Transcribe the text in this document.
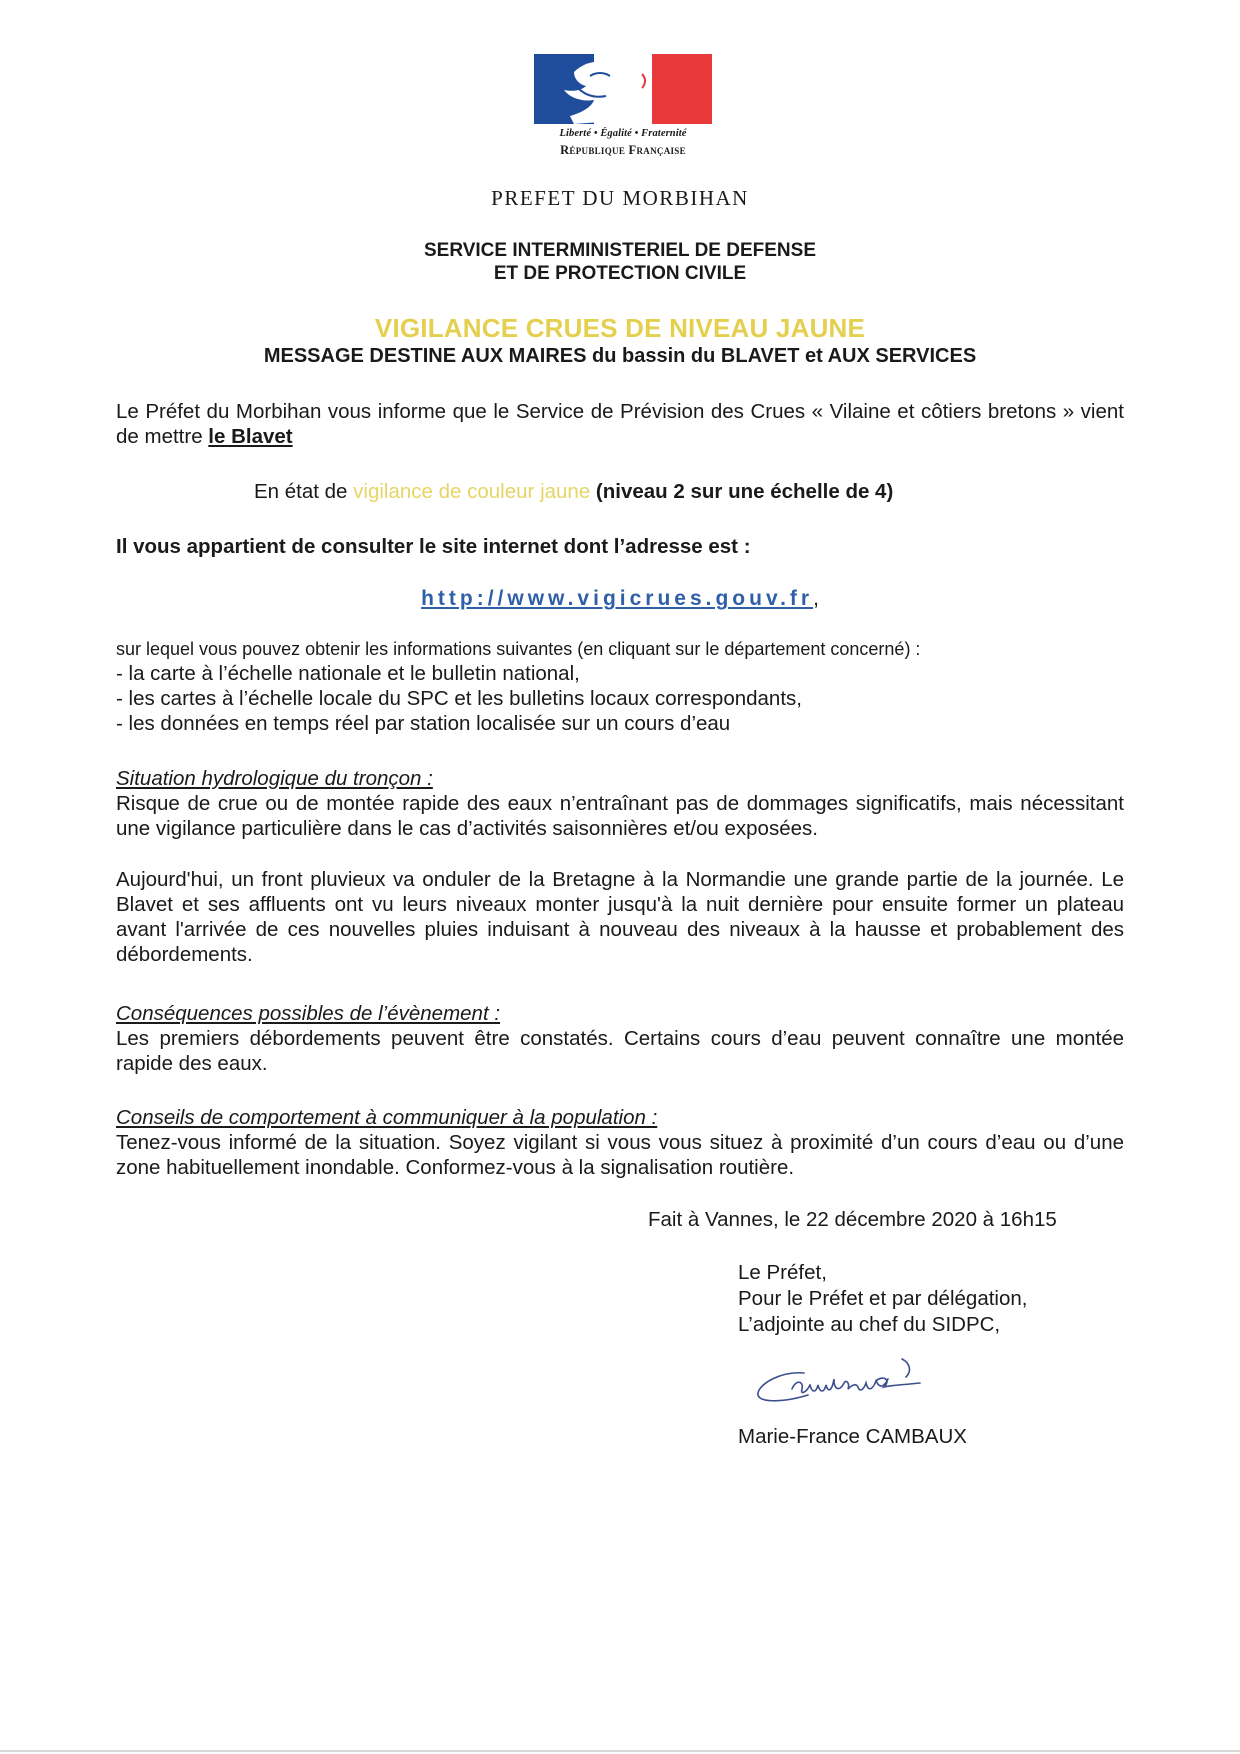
Liberté • Égalité • Fraternité
République Française
PREFET DU MORBIHAN
SERVICE INTERMINISTERIEL DE DEFENSE
ET DE PROTECTION CIVILE
VIGILANCE CRUES DE NIVEAU JAUNE
MESSAGE DESTINE AUX MAIRES du bassin du BLAVET et AUX SERVICES
Le Préfet du Morbihan vous informe que le Service de Prévision des Crues « Vilaine et côtiers bretons » vient de mettre le Blavet
En état de vigilance de couleur jaune (niveau 2 sur une échelle de 4)
Il vous appartient de consulter le site internet dont l’adresse est :
http://www.vigicrues.gouv.fr,
sur lequel vous pouvez obtenir les informations suivantes (en cliquant sur le département concerné) :
- la carte à l’échelle nationale et le bulletin national,
- les cartes à l’échelle locale du SPC et les bulletins locaux correspondants,
- les données en temps réel par station localisée sur un cours d’eau
Situation hydrologique du tronçon :
Risque de crue ou de montée rapide des eaux n’entraînant pas de dommages significatifs, mais nécessitant une vigilance particulière dans le cas d’activités saisonnières et/ou exposées.
Aujourd'hui, un front pluvieux va onduler de la Bretagne à la Normandie une grande partie de la journée. Le Blavet et ses affluents ont vu leurs niveaux monter jusqu'à la nuit dernière pour ensuite former un plateau avant l'arrivée de ces nouvelles pluies induisant à nouveau des niveaux à la hausse et probablement des débordements.
Conséquences possibles de l’évènement :
Les premiers débordements peuvent être constatés. Certains cours d’eau peuvent connaître une montée rapide des eaux.
Conseils de comportement à communiquer à la population :
Tenez-vous informé de la situation. Soyez vigilant si vous vous situez à proximité d’un cours d’eau ou d’une zone habituellement inondable. Conformez-vous à la signalisation routière.
Fait à Vannes, le 22 décembre 2020 à 16h15
Le Préfet,
Pour le Préfet et par délégation,
L’adjointe au chef du SIDPC,
Marie-France CAMBAUX
